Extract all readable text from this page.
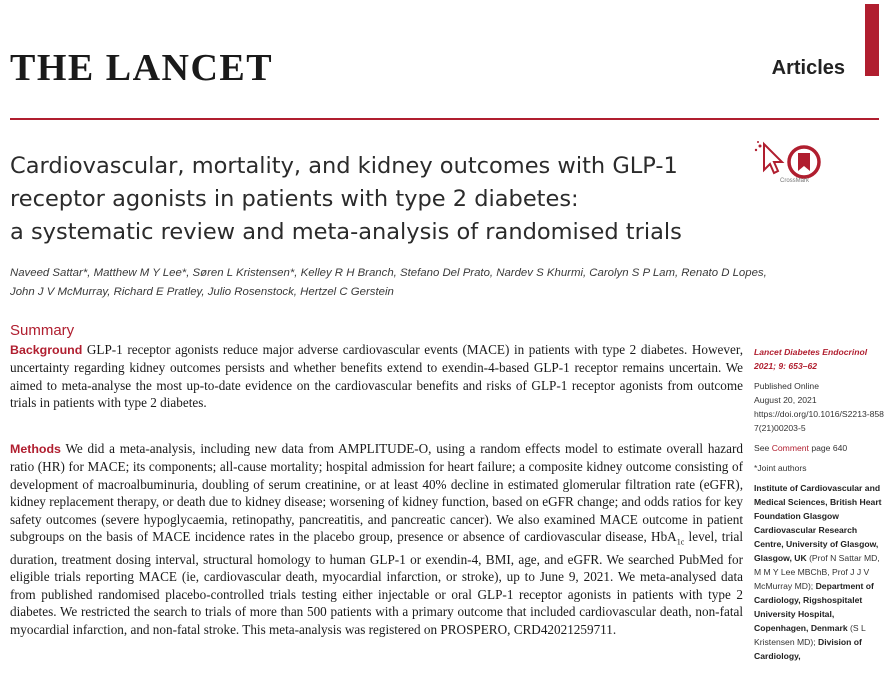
THE LANCET	Articles
Cardiovascular, mortality, and kidney outcomes with GLP-1
receptor agonists in patients with type 2 diabetes:
a systematic review and meta-analysis of randomised trials
CrossMark
Naveed Sattar*, Matthew M Y Lee*, Søren L Kristensen*, Kelley R H Branch, Stefano Del Prato, Nardev S Khurmi, Carolyn S P Lam, Renato D Lopes,
John J V McMurray, Richard E Pratley, Julio Rosenstock, Hertzel C Gerstein
Summary
Background GLP-1 receptor agonists reduce major adverse cardiovascular events (MACE) in patients with type 2 diabetes. However, uncertainty regarding kidney outcomes persists and whether benefits extend to exendin-4-based GLP-1 receptor remains uncertain. We aimed to meta-analyse the most up-to-date evidence on the cardiovascular benefits and risks of GLP-1 receptor agonists from outcome trials in patients with type 2 diabetes.
Methods We did a meta-analysis, including new data from AMPLITUDE-O, using a random effects model to estimate overall hazard ratio (HR) for MACE; its components; all-cause mortality; hospital admission for heart failure; a composite kidney outcome consisting of development of macroalbuminuria, doubling of serum creatinine, or at least 40% decline in estimated glomerular filtration rate (eGFR), kidney replacement therapy, or death due to kidney disease; worsening of kidney function, based on eGFR change; and odds ratios for key safety outcomes (severe hypoglycaemia, retinopathy, pancreatitis, and pancreatic cancer). We also examined MACE outcome in patient subgroups on the basis of MACE incidence rates in the placebo group, presence or absence of cardiovascular disease, HbA$_{1c}$ level, trial duration, treatment dosing interval, structural homology to human GLP-1 or exendin-4, BMI, age, and eGFR. We searched PubMed for eligible trials reporting MACE (ie, cardiovascular death, myocardial infarction, or stroke), up to June 9, 2021. We meta-analysed data from published randomised placebo-controlled trials testing either injectable or oral GLP-1 receptor agonists in patients with type 2 diabetes. We restricted the search to trials of more than 500 patients with a primary outcome that included cardiovascular death, non-fatal myocardial infarction, and non-fatal stroke. This meta-analysis was registered on PROSPERO, CRD42021259711.
Lancet Diabetes Endocrinol 2021; 9: 653–62
Published Online
August 20, 2021
https://doi.org/10.1016/S2213-8587(21)00203-5
See Comment page 640
*Joint authors
Institute of Cardiovascular and Medical Sciences, British Heart Foundation Glasgow Cardiovascular Research Centre, University of Glasgow, Glasgow, UK (Prof N Sattar MD, M M Y Lee MBChB, Prof J J V McMurray MD); Department of Cardiology, Rigshospitalet University Hospital, Copenhagen, Denmark (S L Kristensen MD); Division of Cardiology,
